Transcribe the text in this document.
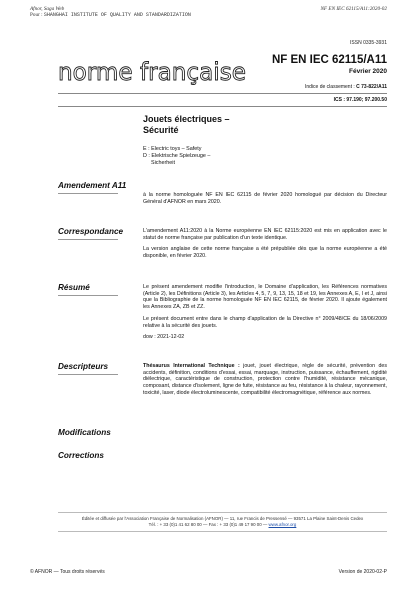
Afnor, Saga Web
Pour : SHANGHAI INSTITUTE OF QUALITY AND STANDARDIZATION
NF EN IEC 62115/A11:2020-02
ISSN 0335-3931
norme française NF EN IEC 62115/A11
Février 2020
Indice de classement : C 73-822/A11
ICS : 97.190; 97.200.50
Jouets électriques –
Sécurité
E : Electric toys – Safety
D : Elektrische Spielzeuge –
Sicherheit
Amendement A11

à la norme homologuée NF EN IEC 62115 de février 2020 homologué par décision du Directeur Général d'AFNOR en mars 2020.

Correspondance	L'amendement A11:2020 à la Norme européenne EN IEC 62115:2020 est mis en application avec le statut de norme française par publication d'un texte identique.

La version anglaise de cette norme française a été prépubliée dès que la norme européenne a été disponible, en février 2020.

Résumé	Le présent amendement modifie l'introduction, le Domaine d'application, les Références normatives (Article 2), les Définitions (Article 3), les Articles 4, 5, 7, 9, 13, 15, 18 et 19, les Annexes A, E, I et J, ainsi que la Bibliographie de la norme homologuée NF EN IEC 62115, de février 2020. Il ajoute également les Annexes ZA, ZB et ZZ.

Le présent document entre dans le champ d'application de la Directive n° 2009/48/CE du 18/06/2009 relative à la sécurité des jouets.

dow : 2021-12-02

Descripteurs	Thésaurus International Technique : jouet, jouet électrique, règle de sécurité, prévention des accidents, définition, conditions d'essai, essai, marquage, instruction, puissance, échauffement, rigidité diélectrique, caractéristique de construction, protection contre l'humidité, résistance mécanique, composant, distance d'isolement, ligne de fuite, résistance au feu, résistance à la chaleur, rayonnement, toxicité, laser, diode électroluminescente, compatibilité électromagnétique, référence aux normes.

Modifications
Corrections
Éditée et diffusée par l'Association Française de Normalisation (AFNOR) — 11, rue Francis de Pressensé — 93571 La Plaine Saint-Denis Cedex
Tél. : + 33 (0)1 41 62 80 00 — Fax : + 33 (0)1 49 17 90 00 — www.afnor.org
© AFNOR — Tous droits réservés	Version de 2020-02-P
